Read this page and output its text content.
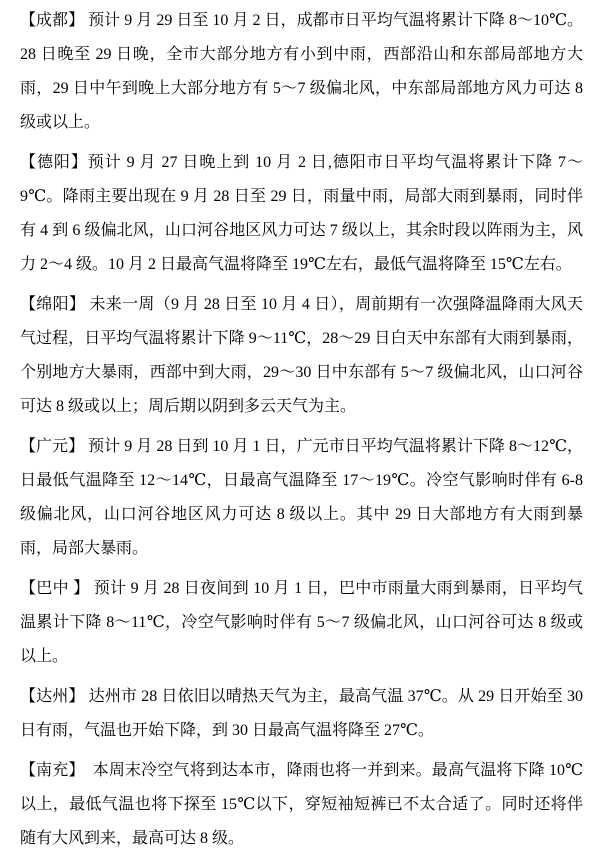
【成都】 预计 9 月 29 日至 10 月 2 日，成都市日平均气温将累计下降 8～10℃。28 日晚至 29 日晚，全市大部分地方有小到中雨，西部沿山和东部局部地方大雨，29 日中午到晚上大部分地方有 5～7 级偏北风，中东部局部地方风力可达 8 级或以上。

【德阳】预计 9 月 27 日晚上到 10 月 2 日,德阳市日平均气温将累计下降 7～9℃。降雨主要出现在 9 月 28 日至 29 日，雨量中雨，局部大雨到暴雨，同时伴有 4 到 6 级偏北风，山口河谷地区风力可达 7 级以上，其余时段以阵雨为主，风力 2～4 级。10 月 2 日最高气温将降至 19℃左右，最低气温将降至 15℃左右。

【绵阳】 未来一周（9 月 28 日至 10 月 4 日），周前期有一次强降温降雨大风天气过程，日平均气温将累计下降 9～11℃，28～29 日白天中东部有大雨到暴雨，个别地方大暴雨，西部中到大雨，29～30 日中东部有 5～7 级偏北风，山口河谷可达 8 级或以上；周后期以阴到多云天气为主。

【广元】 预计 9 月 28 日到 10 月 1 日，广元市日平均气温将累计下降 8～12℃，日最低气温降至 12～14℃，日最高气温降至 17～19℃。冷空气影响时伴有 6-8 级偏北风，山口河谷地区风力可达 8 级以上。其中 29 日大部地方有大雨到暴雨，局部大暴雨。

【巴中 】 预计 9 月 28 日夜间到 10 月 1 日，巴中市雨量大雨到暴雨，日平均气温累计下降 8～11℃，冷空气影响时伴有 5～7 级偏北风，山口河谷可达 8 级或以上。

【达州】 达州市 28 日依旧以晴热天气为主，最高气温 37℃。从 29 日开始至 30 日有雨，气温也开始下降，到 30 日最高气温将降至 27℃。

【南充】　本周末冷空气将到达本市，降雨也将一并到来。最高气温将下降 10℃以上，最低气温也将下探至 15℃以下，穿短袖短裤已不太合适了。同时还将伴随有大风到来，最高可达 8 级。
